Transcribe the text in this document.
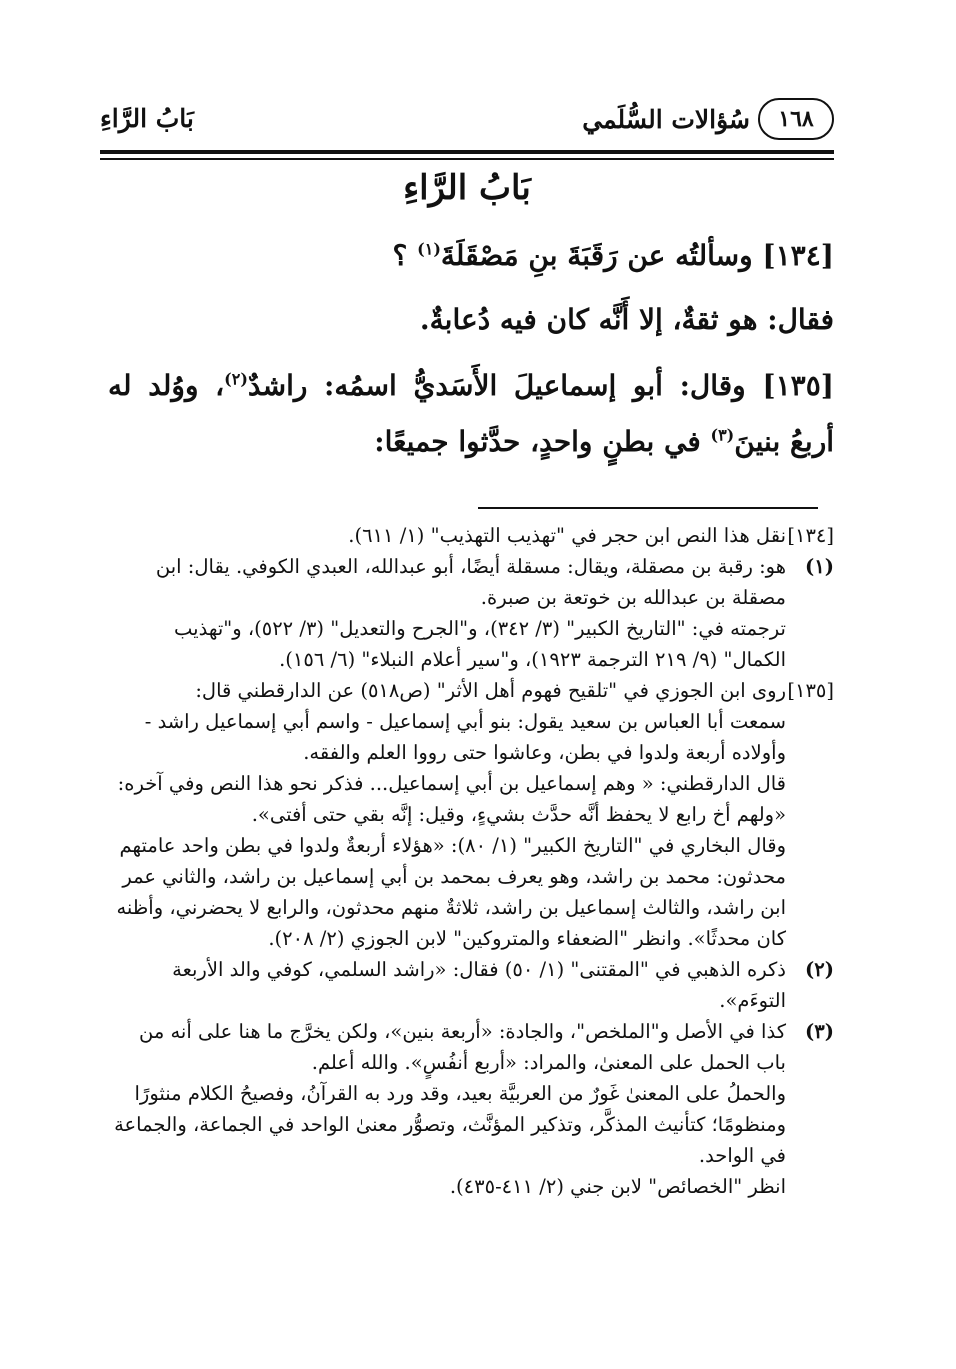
١٦٨
سُؤالات السُّلَمي
بَابُ الرَّاءِ
بَابُ الرَّاءِ
[١٣٤] وسألتُه عن رَقَبَةَ بنِ مَصْقَلَةَ$^{(١)}$ ؟
فقال: هو ثقةٌ، إلا أَنَّه كان فيه دُعابةٌ.
[١٣٥] وقال: أبو إسماعيلَ الأَسَديُّ اسمُه: راشدٌ$^{(٢)}$، ووُلد له
أربعُ بنينَ$^{(٣)}$ في بطنٍ واحدٍ، حدَّثوا جميعًا:
[١٣٤]
نقل هذا النص ابن حجر في "تهذيب التهذيب" (١/ ٦١١).
(١)
هو: رقبة بن مصقلة، ويقال: مسقلة أيضًا، أبو عبدالله، العبدي الكوفي. يقال: ابن مصقلة بن عبدالله بن خوتعة بن صبرة.
ترجمته في: "التاريخ الكبير" (٣/ ٣٤٢)، و"الجرح والتعديل" (٣/ ٥٢٢)، و"تهذيب الكمال" (٩/ ٢١٩ الترجمة ١٩٢٣)، و"سير أعلام النبلاء" (٦/ ١٥٦).
[١٣٥]
روى ابن الجوزي في "تلقيح فهوم أهل الأثر" (ص٥١٨) عن الدارقطني قال:
سمعت أبا العباس بن سعيد يقول: بنو أبي إسماعيل - واسم أبي إسماعيل راشد - وأولاده أربعة ولدوا في بطن، وعاشوا حتى رووا العلم والفقه.
قال الدارقطني: « وهم إسماعيل بن أبي إسماعيل... فذكر نحو هذا النص وفي آخره: «ولهم أخ رابع لا يحفظ أنَّه حدَّث بشيءٍ، وقيل: إنَّه بقي حتى أفتى».
وقال البخاري في "التاريخ الكبير" (١/ ٨٠): «هؤلاء أربعةٌ ولدوا في بطن واحد عامتهم محدثون: محمد بن راشد، وهو يعرف بمحمد بن أبي إسماعيل بن راشد، والثاني عمر ابن راشد، والثالث إسماعيل بن راشد، ثلاثةٌ منهم محدثون، والرابع لا يحضرني، وأظنه كان محدثًا». وانظر "الضعفاء والمتروكين" لابن الجوزي (٢/ ٢٠٨).
(٢)
ذكره الذهبي في "المقتنى" (١/ ٥٠) فقال: «راشد السلمي، كوفي والد الأربعة التوءَم».
(٣)
كذا في الأصل و"الملخص"، والجادة: «أربعة بنين»، ولكن يخرَّج ما هنا على أنه من باب الحمل على المعنىٰ، والمراد: «أربع أنفُسٍ». والله أعلم.
والحملُ على المعنىٰ غَورٌ من العربيَّة بعيد، وقد ورد به القرآنُ، وفصيحُ الكلام منثورًا ومنظومًا؛ كتأنيث المذكَّر، وتذكير المؤنَّث، وتصوُّر معنىٰ الواحد في الجماعة، والجماعة في الواحد.
انظر "الخصائص" لابن جني (٢/ ٤١١-٤٣٥).
